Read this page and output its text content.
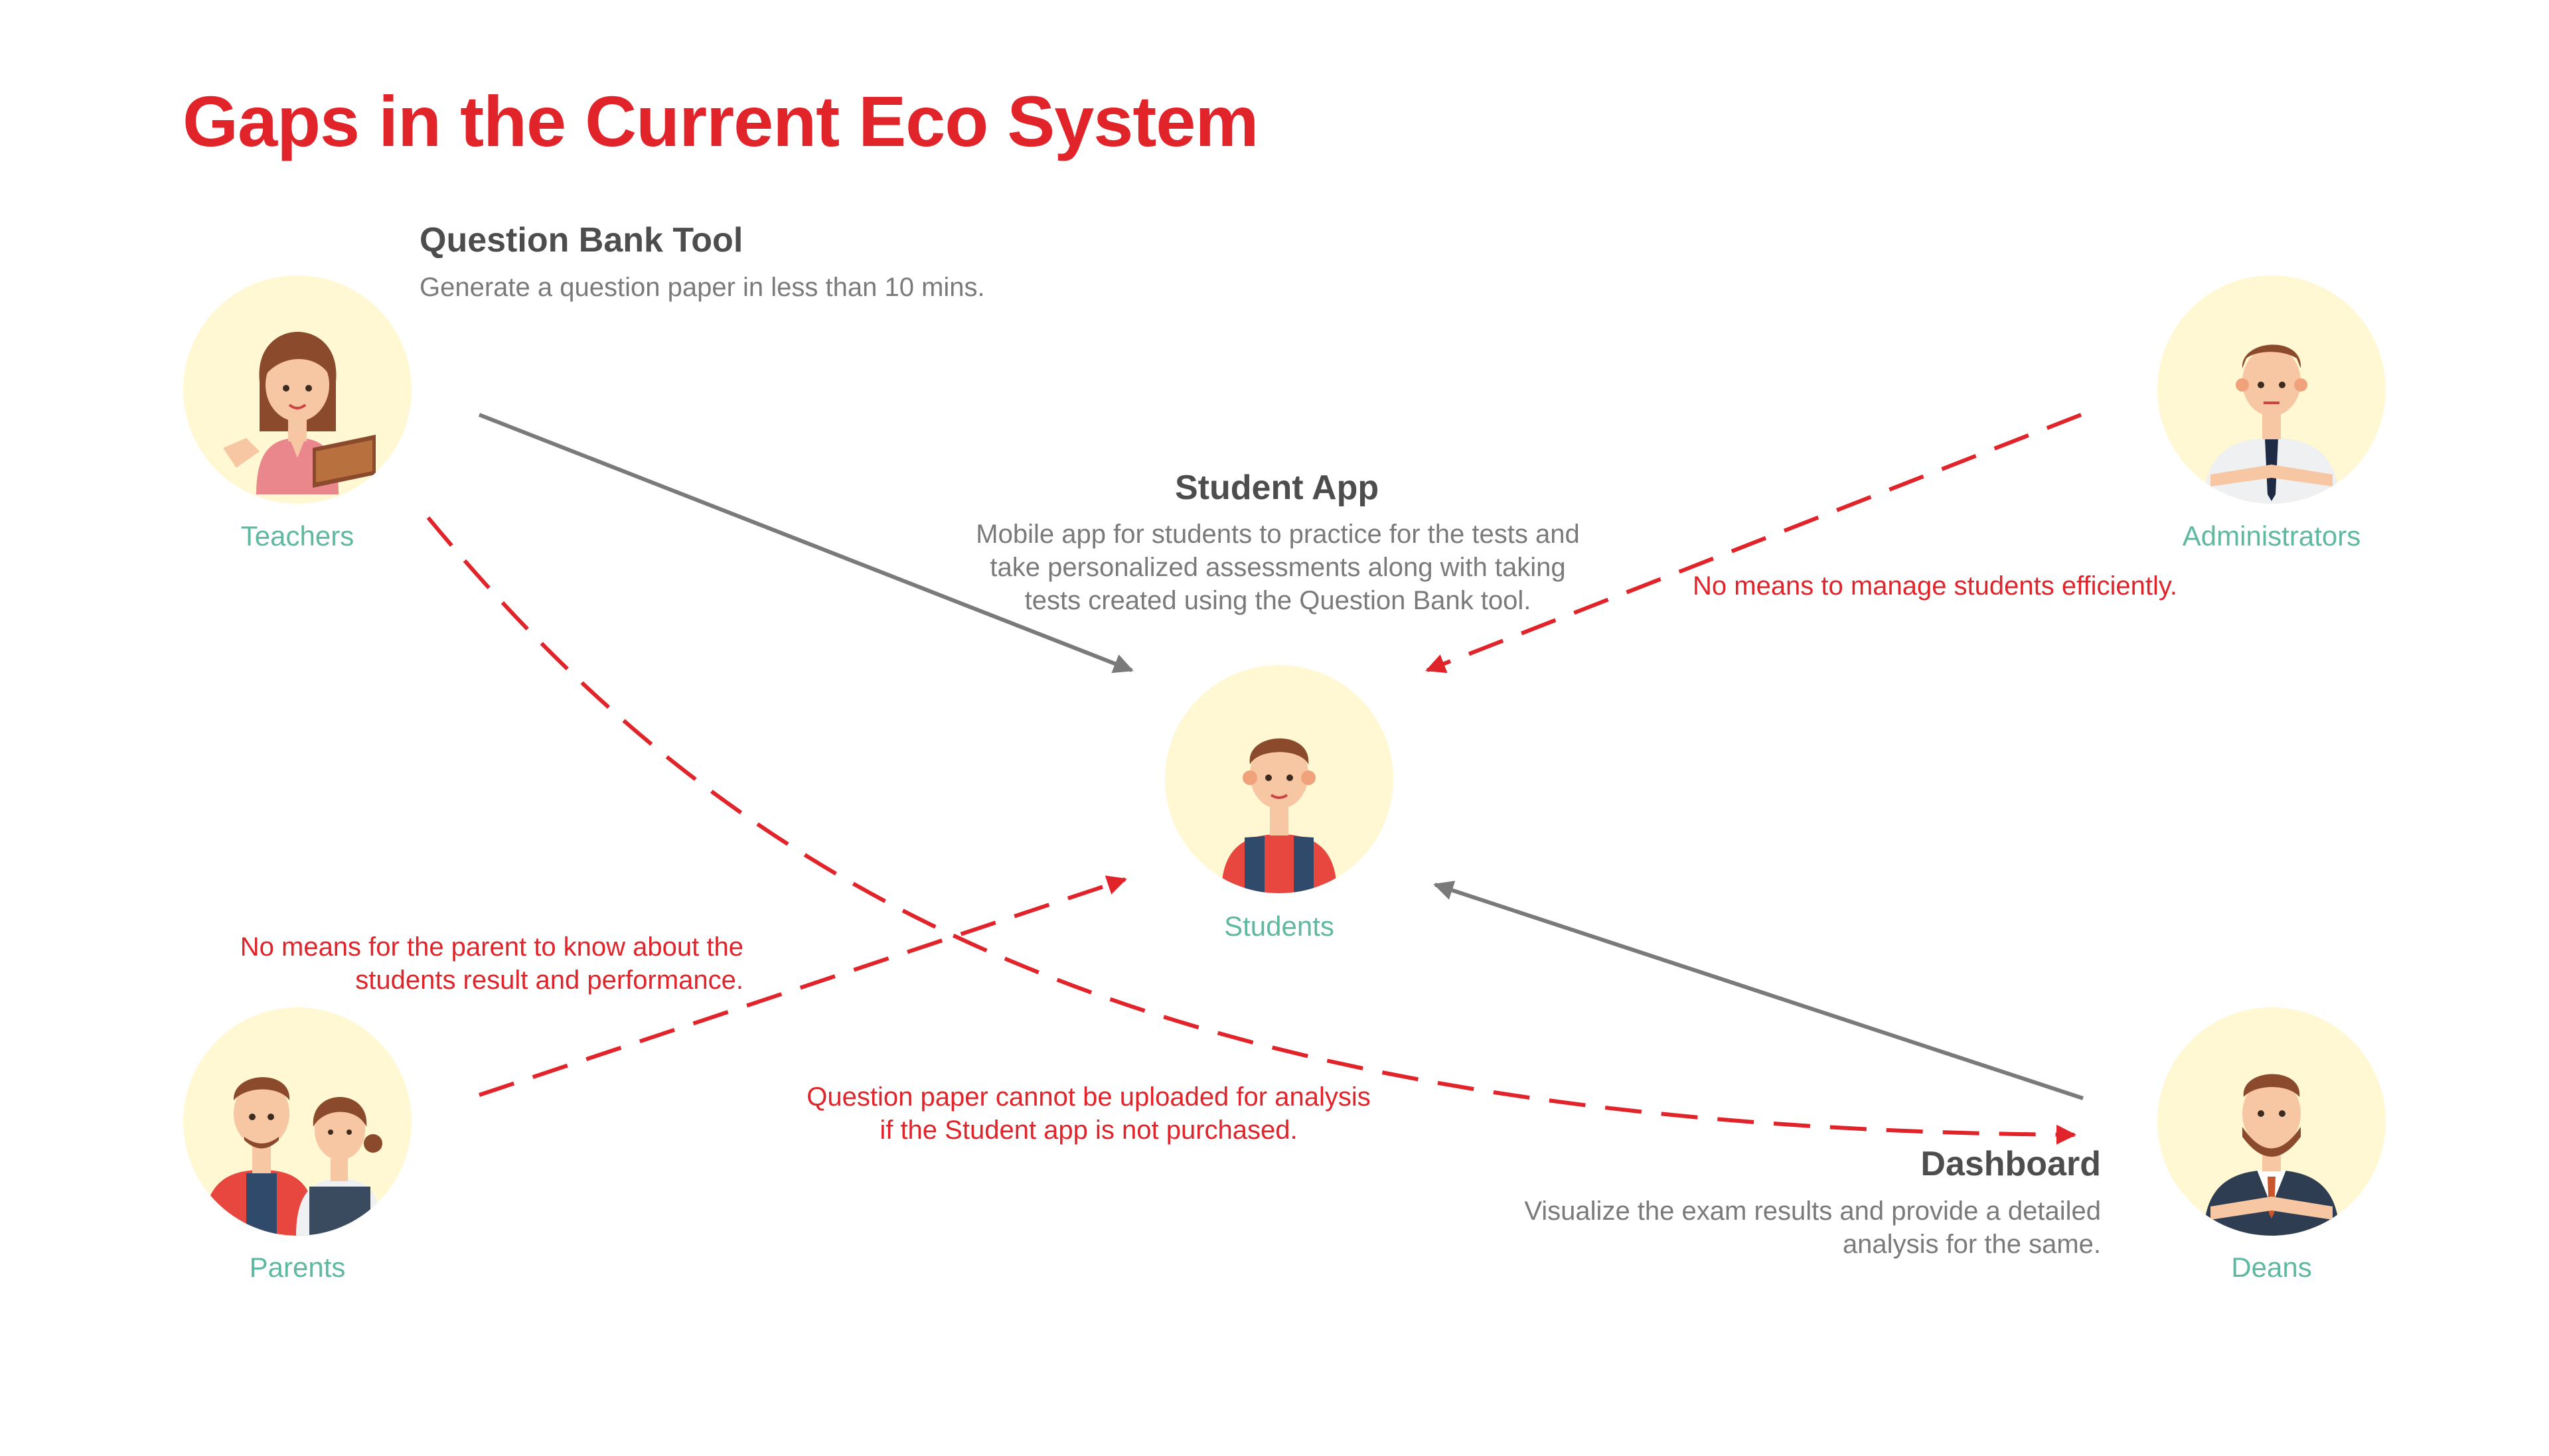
Gaps in the Current Eco System
Question Bank Tool
Generate a question paper in less than 10 mins.
Student App
Mobile app for students to practice for the tests and
take personalized assessments along with taking
tests created using the Question Bank tool.
Dashboard
Visualize the exam results and provide a detailed
analysis for the same.
No means to manage students efficiently.
No means for the parent to know about the
students result and performance.
Question paper cannot be uploaded for analysis
if the Student app is not purchased.
Teachers	Administrators
Students
Parents	Deans
